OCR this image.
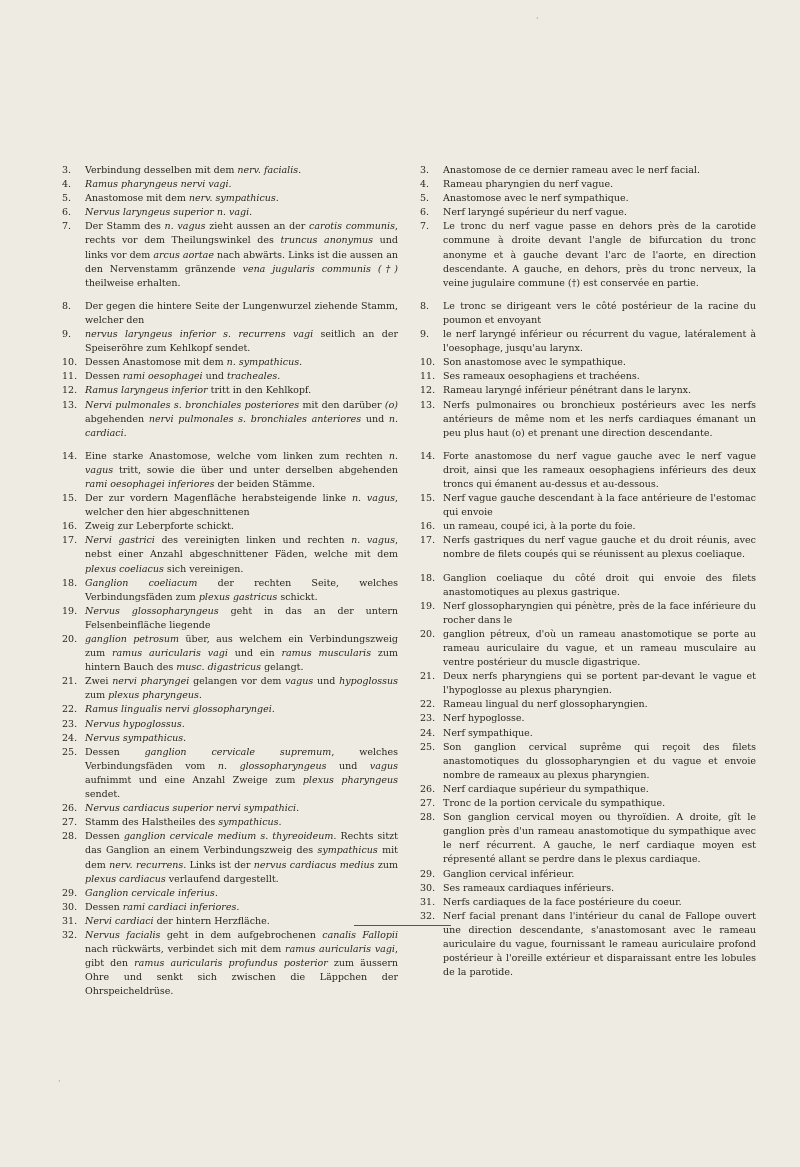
3.	Verbindung desselben mit dem nerv. facialis.
4.	Ramus pharyngeus nervi vagi.
5.	Anastomose mit dem nerv. sympathicus.
6.	Nervus laryngeus superior n. vagi.
7.	Der Stamm des n. vagus zieht aussen an der carotis communis, rechts vor dem Theilungswinkel des truncus anonymus und links vor dem arcus aortae nach abwärts. Links ist die aussen an den Nervenstamm gränzende vena jugularis communis (†) theilweise erhalten.
8.	Der gegen die hintere Seite der Lungenwurzel ziehende Stamm, welcher den
9.	nervus laryngeus inferior s. recurrens vagi seitlich an der Speiseröhre zum Kehlkopf sendet.
10. Dessen Anastomose mit dem n. sympathicus.
11. Dessen rami oesophagei und tracheales.
12. Ramus laryngeus inferior tritt in den Kehlkopf.
13. Nervi pulmonales s. bronchiales posteriores mit den darüber (o) abgehenden nervi pulmonales s. bronchiales anteriores und n. cardiaci.
14. Eine starke Anastomose, welche vom linken zum rechten n. vagus tritt, sowie die über und unter derselben abgehenden rami oesophagei inferiores der beiden Stämme.
15. Der zur vordern Magenfläche herabsteigende linke n. vagus, welcher den hier abgeschnittenen
16. Zweig zur Leberpforte schickt.
17. Nervi gastrici des vereinigten linken und rechten n. vagus, nebst einer Anzahl abgeschnittener Fäden, welche mit dem plexus coeliacus sich vereinigen.
18. Ganglion coeliacum der rechten Seite, welches Verbindungsfäden zum plexus gastricus schickt.
19. Nervus glossopharyngeus geht in das an der untern Felsenbeinfläche liegende
20. ganglion petrosum über, aus welchem ein Verbindungszweig zum ramus auricularis vagi und ein ramus muscularis zum hintern Bauch des musc. digastricus gelangt.
21. Zwei nervi pharyngei gelangen vor dem vagus und hypoglossus zum plexus pharyngeus.
22. Ramus lingualis nervi glossopharyngei.
23. Nervus hypoglossus.
24. Nervus sympathicus.
25. Dessen ganglion cervicale supremum, welches Verbindungsfäden vom n. glossopharyngeus und vagus aufnimmt und eine Anzahl Zweige zum plexus pharyngeus sendet.
26. Nervus cardiacus superior nervi sympathici.
27. Stamm des Halstheiles des sympathicus.
28. Dessen ganglion cervicale medium s. thyreoideum. Rechts sitzt das Ganglion an einem Verbindungszweig des sympathicus mit dem nerv. recurrens. Links ist der nervus cardiacus medius zum plexus cardiacus verlaufend dargestellt.
29. Ganglion cervicale inferius.
30. Dessen rami cardiaci inferiores.
31. Nervi cardiaci der hintern Herzfläche.
32. Nervus facialis geht in dem aufgebrochenen canalis Fallopii nach rückwärts, verbindet sich mit dem ramus auricularis vagi, gibt den ramus auricularis profundus posterior zum äussern Ohre und senkt sich zwischen die Läppchen der Ohrspeicheldrüse.
3.	Anastomose de ce dernier rameau avec le nerf facial.
4.	Rameau pharyngien du nerf vague.
5.	Anastomose avec le nerf sympathique.
6.	Nerf laryngé supérieur du nerf vague.
7.	Le tronc du nerf vague passe en dehors près de la carotide commune à droite devant l'angle de bifurcation du tronc anonyme et à gauche devant l'arc de l'aorte, en direction descendante. A gauche, en dehors, près du tronc nerveux, la veine jugulaire commune (†) est conservée en partie.
8.	Le tronc se dirigeant vers le côté postérieur de la racine du poumon et envoyant
9.	le nerf laryngé inférieur ou récurrent du vague, latéralement à l'oesophage, jusqu'au larynx.
10. Son anastomose avec le sympathique.
11. Ses rameaux oesophagiens et trachéens.
12. Rameau laryngé inférieur pénétrant dans le larynx.
13. Nerfs pulmonaires ou bronchieux postérieurs avec les nerfs antérieurs de même nom et les nerfs cardiaques émanant un peu plus haut (o) et prenant une direction descendante.
14. Forte anastomose du nerf vague gauche avec le nerf vague droit, ainsi que les rameaux oesophagiens inférieurs des deux troncs qui émanent au-dessus et au-dessous.
15. Nerf vague gauche descendant à la face antérieure de l'estomac qui envoie
16. un rameau, coupé ici, à la porte du foie.
17. Nerfs gastriques du nerf vague gauche et du droit réunis, avec nombre de filets coupés qui se réunissent au plexus coeliaque.
18. Ganglion coeliaque du côté droit qui envoie des filets anastomotiques au plexus gastrique.
19. Nerf glossopharyngien qui pénètre, près de la face inférieure du rocher dans le
20. ganglion pétreux, d'où un rameau anastomotique se porte au rameau auriculaire du vague, et un rameau musculaire au ventre postérieur du muscle digastrique.
21. Deux nerfs pharyngiens qui se portent par-devant le vague et l'hypoglosse au plexus pharyngien.
22. Rameau lingual du nerf glossopharyngien.
23. Nerf hypoglosse.
24. Nerf sympathique.
25. Son ganglion cervical suprême qui reçoit des filets anastomotiques du glossopharyngien et du vague et envoie nombre de rameaux au plexus pharyngien.
26. Nerf cardiaque supérieur du sympathique.
27. Tronc de la portion cervicale du sympathique.
28. Son ganglion cervical moyen ou thyroïdien. A droite, gît le ganglion près d'un rameau anastomotique du sympathique avec le nerf récurrent. A gauche, le nerf cardiaque moyen est répresenté allant se perdre dans le plexus cardiaque.
29. Ganglion cervical inférieur.
30. Ses rameaux cardiaques inférieurs.
31. Nerfs cardiaques de la face postérieure du coeur.
32. Nerf facial prenant dans l'intérieur du canal de Fallope ouvert une direction descendante, s'anastomosant avec le rameau auriculaire du vague, fournissant le rameau auriculaire profond postérieur à l'oreille extérieur et disparaissant entre les lobules de la parotide.
·
·
